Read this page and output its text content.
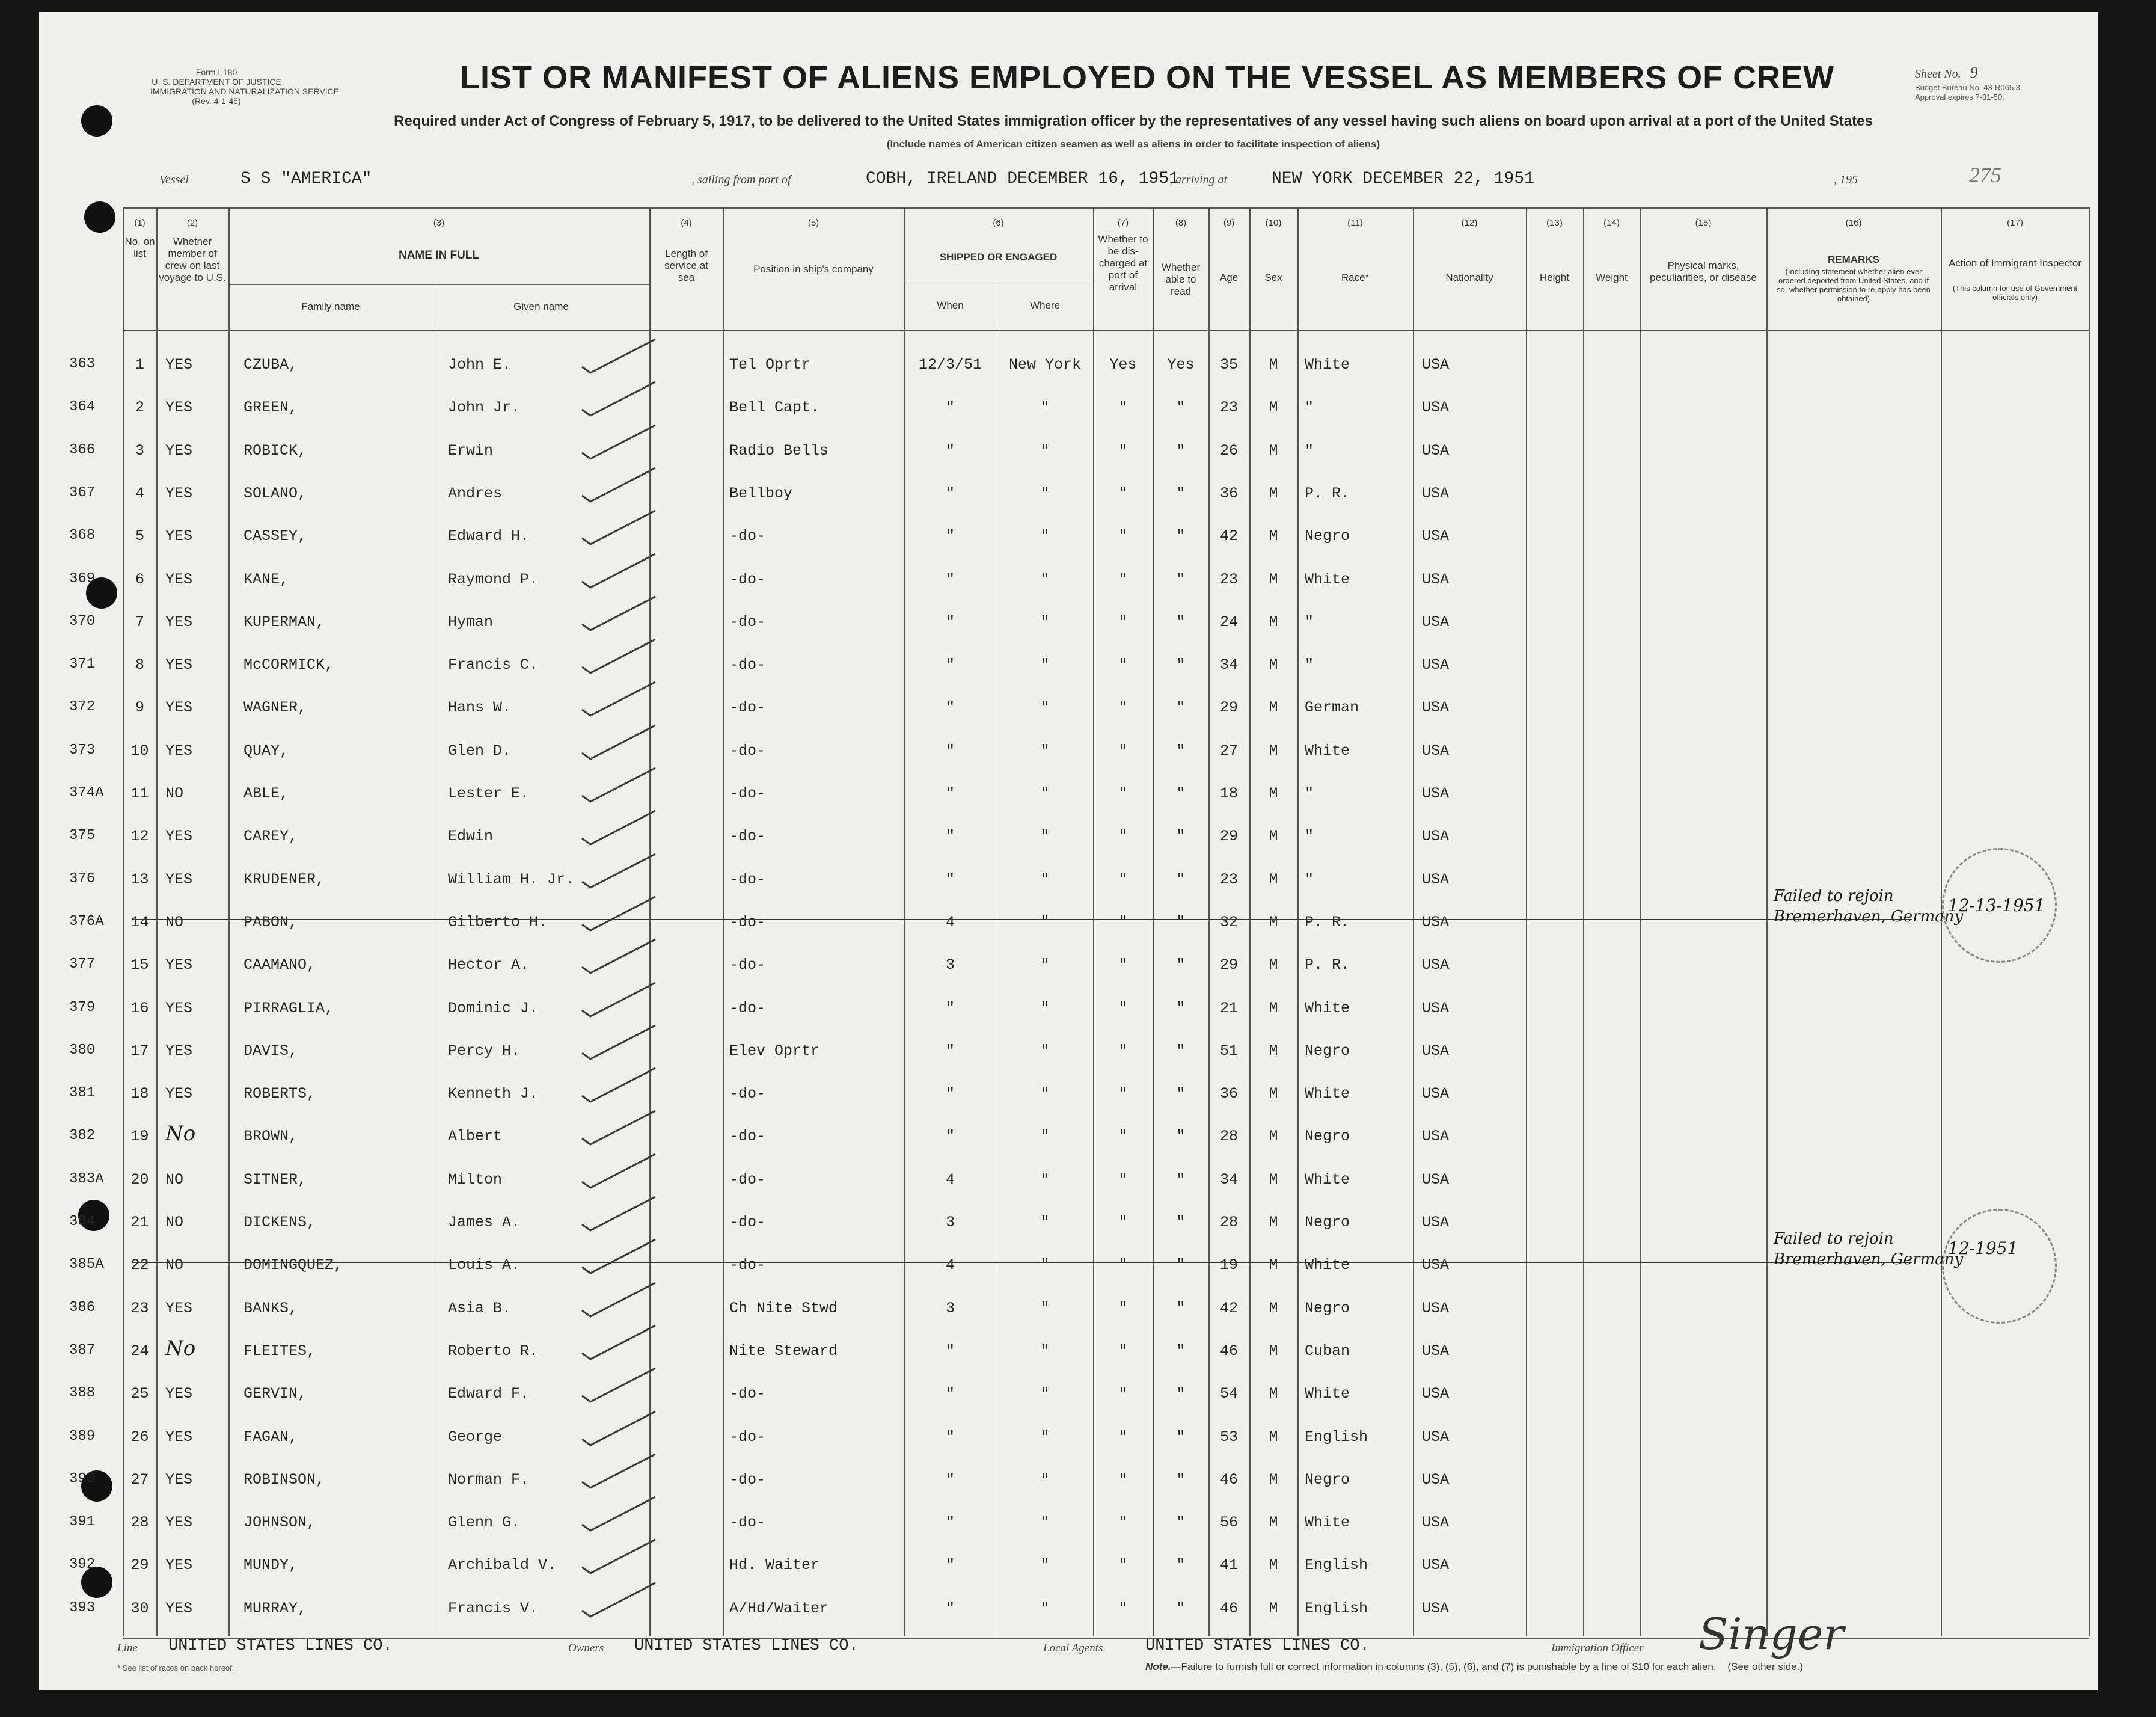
Form I-180
U. S. DEPARTMENT OF JUSTICE
IMMIGRATION AND NATURALIZATION SERVICE
(Rev. 4-1-45)
LIST OR MANIFEST OF ALIENS EMPLOYED ON THE VESSEL AS MEMBERS OF CREW	Sheet No. 9
Budget Bureau No. 43-R065.3.
Approval expires 7-31-50.
Required under Act of Congress of February 5, 1917, to be delivered to the United States immigration officer by the representatives of any vessel having such aliens on board upon arrival at a port of the United States
(Include names of American citizen seamen as well as aliens in order to facilitate inspection of aliens)
Vessel	S S "AMERICA"	, sailing from port of	COBH, IRELAND DECEMBER 16, 1951
, arriving at	NEW YORK DECEMBER 22, 1951	, 195	275
(1)
No. on list
(2)
Whether member of crew on last voyage to U.S.
(3)
NAME IN FULL
Family name	Given name
(4)
Length of service at sea
(5)
Position in ship's company
(6)
SHIPPED OR ENGAGED
When	Where
(7)
Whether to be dis- charged at port of arrival
(8)
Whether able to read
(9)
Age
(10)
Sex
(11)
Race*
(12)
Nationality
(13)
Height
(14)
Weight
(15)
Physical marks, peculiarities, or disease
(16)
REMARKS
(Including statement whether alien ever ordered deported from United States, and if so, whether permission to re-apply has been obtained)
(17)
Action of Immigrant Inspector
(This column for use of Government officials only)
363	1	YES	CZUBA,	John E.	Tel Oprtr	12/3/51	New York	Yes	Yes	35	M	White	USA
364	2	YES	GREEN,	John Jr.	Bell Capt.	"	"	"	"	23	M	"	USA
366	3	YES	ROBICK,	Erwin	Radio Bells	"	"	"	"	26	M	"	USA
367	4	YES	SOLANO,	Andres	Bellboy	"	"	"	"	36	M	P. R.	USA
368	5	YES	CASSEY,	Edward H.	-do-	"	"	"	"	42	M	Negro	USA
369	6	YES	KANE,	Raymond P.	-do-	"	"	"	"	23	M	White	USA
370	7	YES	KUPERMAN,	Hyman	-do-	"	"	"	"	24	M	"	USA
371	8	YES	McCORMICK,	Francis C.	-do-	"	"	"	"	34	M	"	USA
372	9	YES	WAGNER,	Hans W.	-do-	"	"	"	"	29	M	German	USA
373	10	YES	QUAY,	Glen D.	-do-	"	"	"	"	27	M	White	USA
374A	11	NO	ABLE,	Lester E.	-do-	"	"	"	"	18	M	"	USA
375	12	YES	CAREY,	Edwin	-do-	"	"	"	"	29	M	"	USA
376	13	YES	KRUDENER,	William H. Jr.	-do-	"	"	"	"	23	M	"	USA
376A	14	NO	PABON,	Gilberto H.	-do-	4	"	"	"	32	M	P. R.	USA
Failed to rejoin
Bremerhaven, Germany
12-13-1951
377	15	YES	CAAMANO,	Hector A.	-do-	3	"	"	"	29	M	P. R.	USA
379	16	YES	PIRRAGLIA,	Dominic J.	-do-	"	"	"	"	21	M	White	USA
380	17	YES	DAVIS,	Percy H.	Elev Oprtr	"	"	"	"	51	M	Negro	USA
381	18	YES	ROBERTS,	Kenneth J.	-do-	"	"	"	"	36	M	White	USA
382	19 No	BROWN,	Albert	-do-	"	"	"	"	28	M	Negro	USA
383A	20	NO	SITNER,	Milton	-do-	4	"	"	"	34	M	White	USA
384	21	NO	DICKENS,	James A.	-do-	3	"	"	"	28	M	Negro	USA
385A	22	NO	DOMINGQUEZ,	Louis A.	-do-	4	"	"	"	19	M	White	USA
Failed to rejoin
Bremerhaven, Germany
12-1951
386	23	YES	BANKS,	Asia B.	Ch Nite Stwd	3	"	"	"	42	M	Negro	USA
387	24 No	FLEITES,	Roberto R.	Nite Steward	"	"	"	"	46	M	Cuban	USA
388	25	YES	GERVIN,	Edward F.	-do-	"	"	"	"	54	M	White	USA
389	26	YES	FAGAN,	George	-do-	"	"	"	"	53	M	English	USA
390	27	YES	ROBINSON,	Norman F.	-do-	"	"	"	"	46	M	Negro	USA
391	28	YES	JOHNSON,	Glenn G.	-do-	"	"	"	"	56	M	White	USA
392	29	YES	MUNDY,	Archibald V.	Hd. Waiter	"	"	"	"	41	M	English	USA
393	30	YES	MURRAY,	Francis V.	A/Hd/Waiter	"	"	"	"	46	M	English	USA
Line UNITED STATES LINES CO.	Owners UNITED STATES LINES CO.	Local Agents	UNITED STATES LINES CO.	Immigration Officer Singer
* See list of races on back hereof.	Note.—Failure to furnish full or correct information in columns (3), (5), (6), and (7) is punishable by a fine of $10 for each alien. (See other side.)
